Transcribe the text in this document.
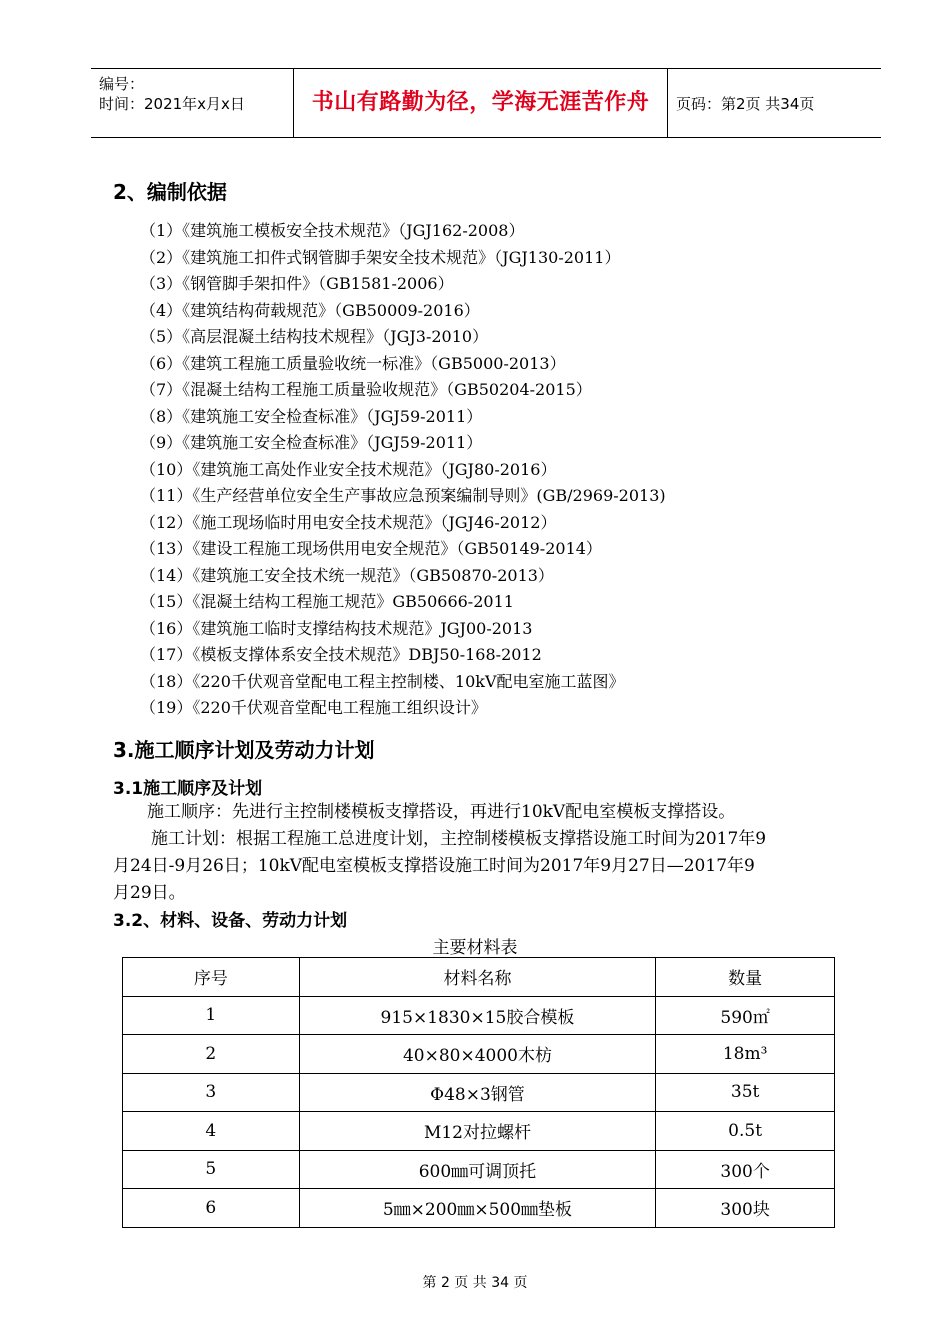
编号：
时间：2021年x月x日	书山有路勤为径，学海无涯苦作舟	页码：第2页 共34页
2、编制依据
（1）《建筑施工模板安全技术规范》（JGJ162-2008）
（2）《建筑施工扣件式钢管脚手架安全技术规范》（JGJ130-2011）
（3）《钢管脚手架扣件》（GB1581-2006）
（4）《建筑结构荷载规范》（GB50009-2016）
（5）《高层混凝土结构技术规程》（JGJ3-2010）
（6）《建筑工程施工质量验收统一标准》（GB5000-2013）
（7）《混凝土结构工程施工质量验收规范》（GB50204-2015）
（8）《建筑施工安全检查标准》（JGJ59-2011）
（9）《建筑施工安全检查标准》（JGJ59-2011）
（10）《建筑施工高处作业安全技术规范》（JGJ80-2016）
（11）《生产经营单位安全生产事故应急预案编制导则》(GB/2969-2013)
（12）《施工现场临时用电安全技术规范》（JGJ46-2012）
（13）《建设工程施工现场供用电安全规范》（GB50149-2014）
（14）《建筑施工安全技术统一规范》（GB50870-2013）
（15）《混凝土结构工程施工规范》GB50666-2011
（16）《建筑施工临时支撑结构技术规范》JGJ00-2013
（17）《模板支撑体系安全技术规范》DBJ50-168-2012
（18）《220千伏观音堂配电工程主控制楼、10kV配电室施工蓝图》
（19）《220千伏观音堂配电工程施工组织设计》
3.施工顺序计划及劳动力计划
3.1施工顺序及计划
施工顺序：先进行主控制楼模板支撑搭设，再进行10kV配电室模板支撑搭设。
施工计划：根据工程施工总进度计划，主控制楼模板支撑搭设施工时间为2017年9
月24日-9月26日；10kV配电室模板支撑搭设施工时间为2017年9月27日—2017年9
月29日。
3.2、材料、设备、劳动力计划
主要材料表
序号	材料名称	数量
1	915×1830×15胶合模板	590㎡
2	40×80×4000木枋	18m³
3	Φ48×3钢管	35t
4	M12对拉螺杆	0.5t
5	600㎜可调顶托	300个
6	5㎜×200㎜×500㎜垫板	300块
第 2 页 共 34 页
